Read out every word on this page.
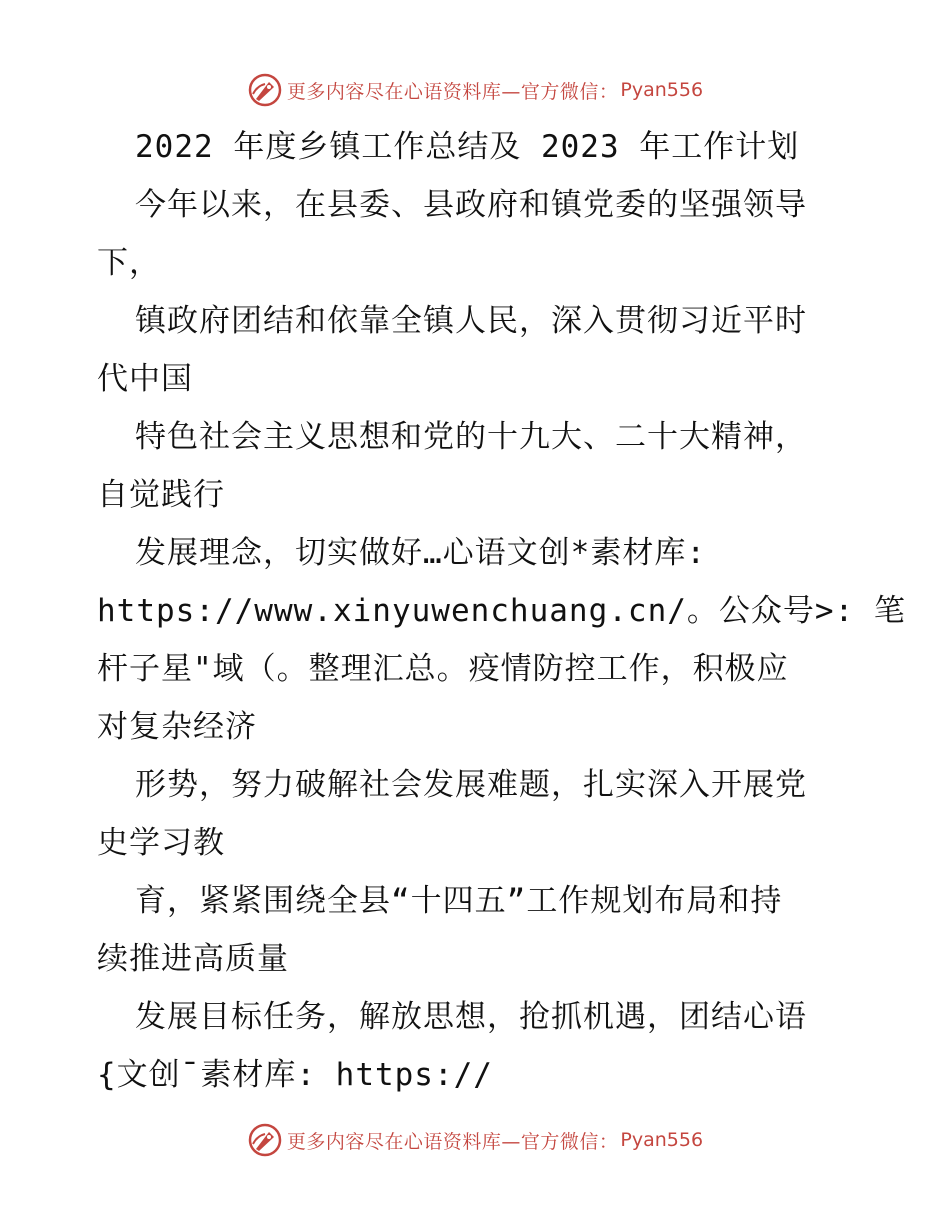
更多内容尽在心语资料库—官方微信： Pyan556
2022 年度乡镇工作总结及 2023 年工作计划
今年以来，在县委、县政府和镇党委的坚强领导
下，
镇政府团结和依靠全镇人民，深入贯彻习近平时
代中国
特色社会主义思想和党的十九大、二十大精神，
自觉践行
发展理念，切实做好…心语文创*素材库:
https://www.xinyuwenchuang.cn/。公众号>: 笔
杆子星"域（。整理汇总。疫情防控工作，积极应
对复杂经济
形势，努力破解社会发展难题，扎实深入开展党
史学习教
育，紧紧围绕全县“十四五”工作规划布局和持
续推进高质量
发展目标任务，解放思想，抢抓机遇，团结心语
{文创¯素材库: https://
更多内容尽在心语资料库—官方微信： Pyan556
